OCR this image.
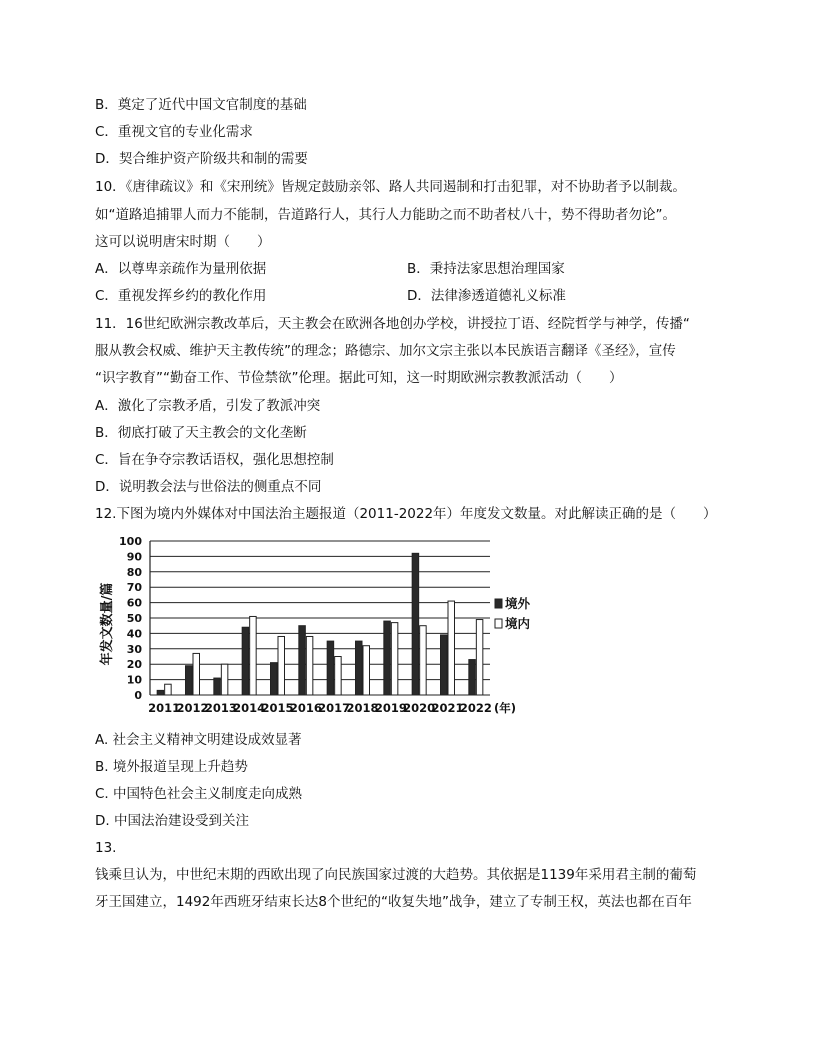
B．奠定了近代中国文官制度的基础
C．重视文官的专业化需求
D．契合维护资产阶级共和制的需要
10．《唐律疏议》和《宋刑统》皆规定鼓励亲邻、路人共同遏制和打击犯罪，对不协助者予以制裁。
如“道路追捕罪人而力不能制，告道路行人，其行人力能助之而不助者杖八十，势不得助者勿论”。
这可以说明唐宋时期（　　）
A．以尊卑亲疏作为量刑依据	B．秉持法家思想治理国家
C．重视发挥乡约的教化作用	D．法律渗透道德礼义标准
11．16世纪欧洲宗教改革后，天主教会在欧洲各地创办学校，讲授拉丁语、经院哲学与神学，传播“
服从教会权威、维护天主教传统”的理念；路德宗、加尔文宗主张以本民族语言翻译《圣经》，宣传
“识字教育”“勤奋工作、节俭禁欲”伦理。据此可知，这一时期欧洲宗教教派活动（　　）
A．激化了宗教矛盾，引发了教派冲突
B．彻底打破了天主教会的文化垄断
C．旨在争夺宗教话语权，强化思想控制
D．说明教会法与世俗法的侧重点不同
12.下图为境内外媒体对中国法治主题报道（2011-2022年）年度发文数量。对此解读正确的是（　　）
0
10
20
30
40
50
60
70
80
90
100
2011
2012
2013
2014
2015
2016
2017
2018
2019
2020
2021
2022 (年)
年发文数量/篇	境外
境内
A. 社会主义精神文明建设成效显著
B. 境外报道呈现上升趋势
C. 中国特色社会主义制度走向成熟
D. 中国法治建设受到关注
13.
钱乘旦认为，中世纪末期的西欧出现了向民族国家过渡的大趋势。其依据是1139年采用君主制的葡萄
牙王国建立，1492年西班牙结束长达8个世纪的“收复失地”战争，建立了专制王权，英法也都在百年
